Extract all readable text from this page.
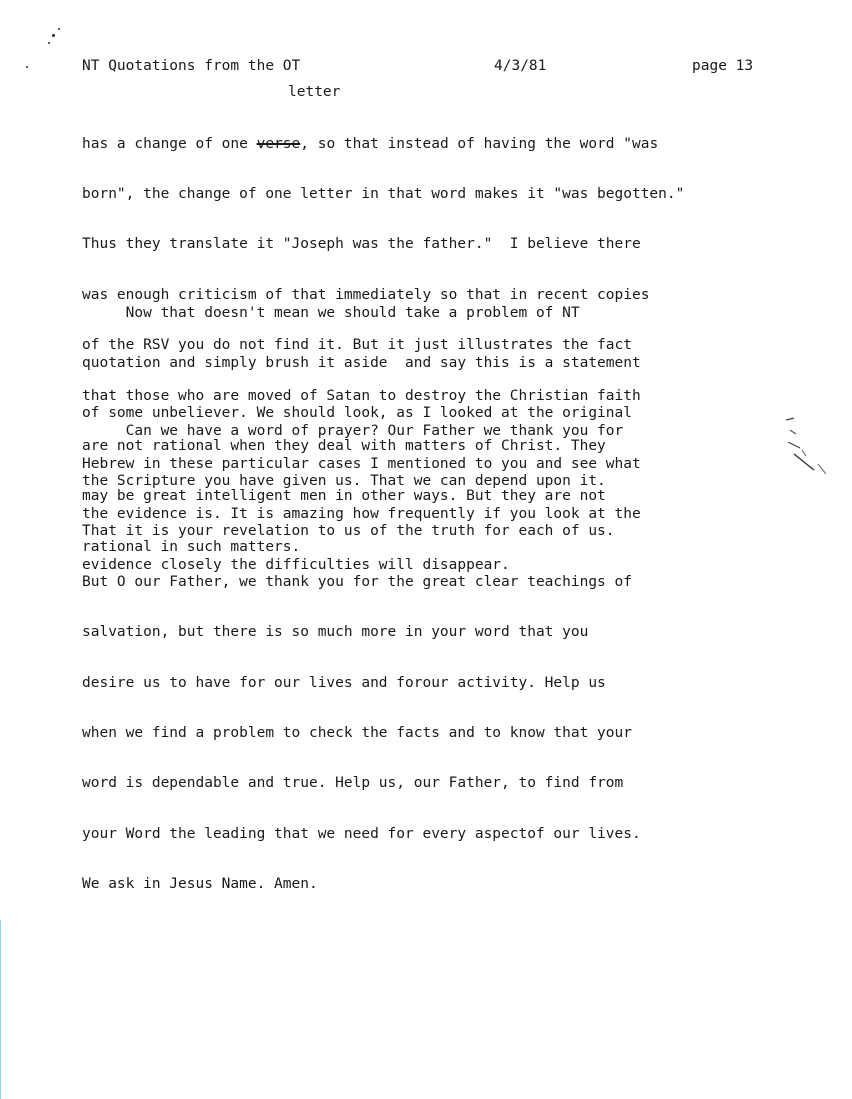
NT Quotations from the OT	4/3/81	page 13
letter

has a change of one verse, so that instead of having the word "was

born", the change of one letter in that word makes it "was begotten."

Thus they translate it "Joseph was the father."  I believe there

was enough criticism of that immediately so that in recent copies

of the RSV you do not find it. But it just illustrates the fact

that those who are moved of Satan to destroy the Christian faith

are not rational when they deal with matters of Christ. They

may be great intelligent men in other ways. But they are not

rational in such matters.

Now that doesn't mean we should take a problem of NT

quotation and simply brush it aside  and say this is a statement

of some unbeliever. We should look, as I looked at the original

Hebrew in these particular cases I mentioned to you and see what

the evidence is. It is amazing how frequently if you look at the

evidence closely the difficulties will disappear.

Can we have a word of prayer? Our Father we thank you for

the Scripture you have given us. That we can depend upon it.

That it is your revelation to us of the truth for each of us.

But O our Father, we thank you for the great clear teachings of

salvation, but there is so much more in your word that you

desire us to have for our lives and forour activity. Help us

when we find a problem to check the facts and to know that your

word is dependable and true. Help us, our Father, to find from

your Word the leading that we need for every aspectof our lives.

We ask in Jesus Name. Amen.
